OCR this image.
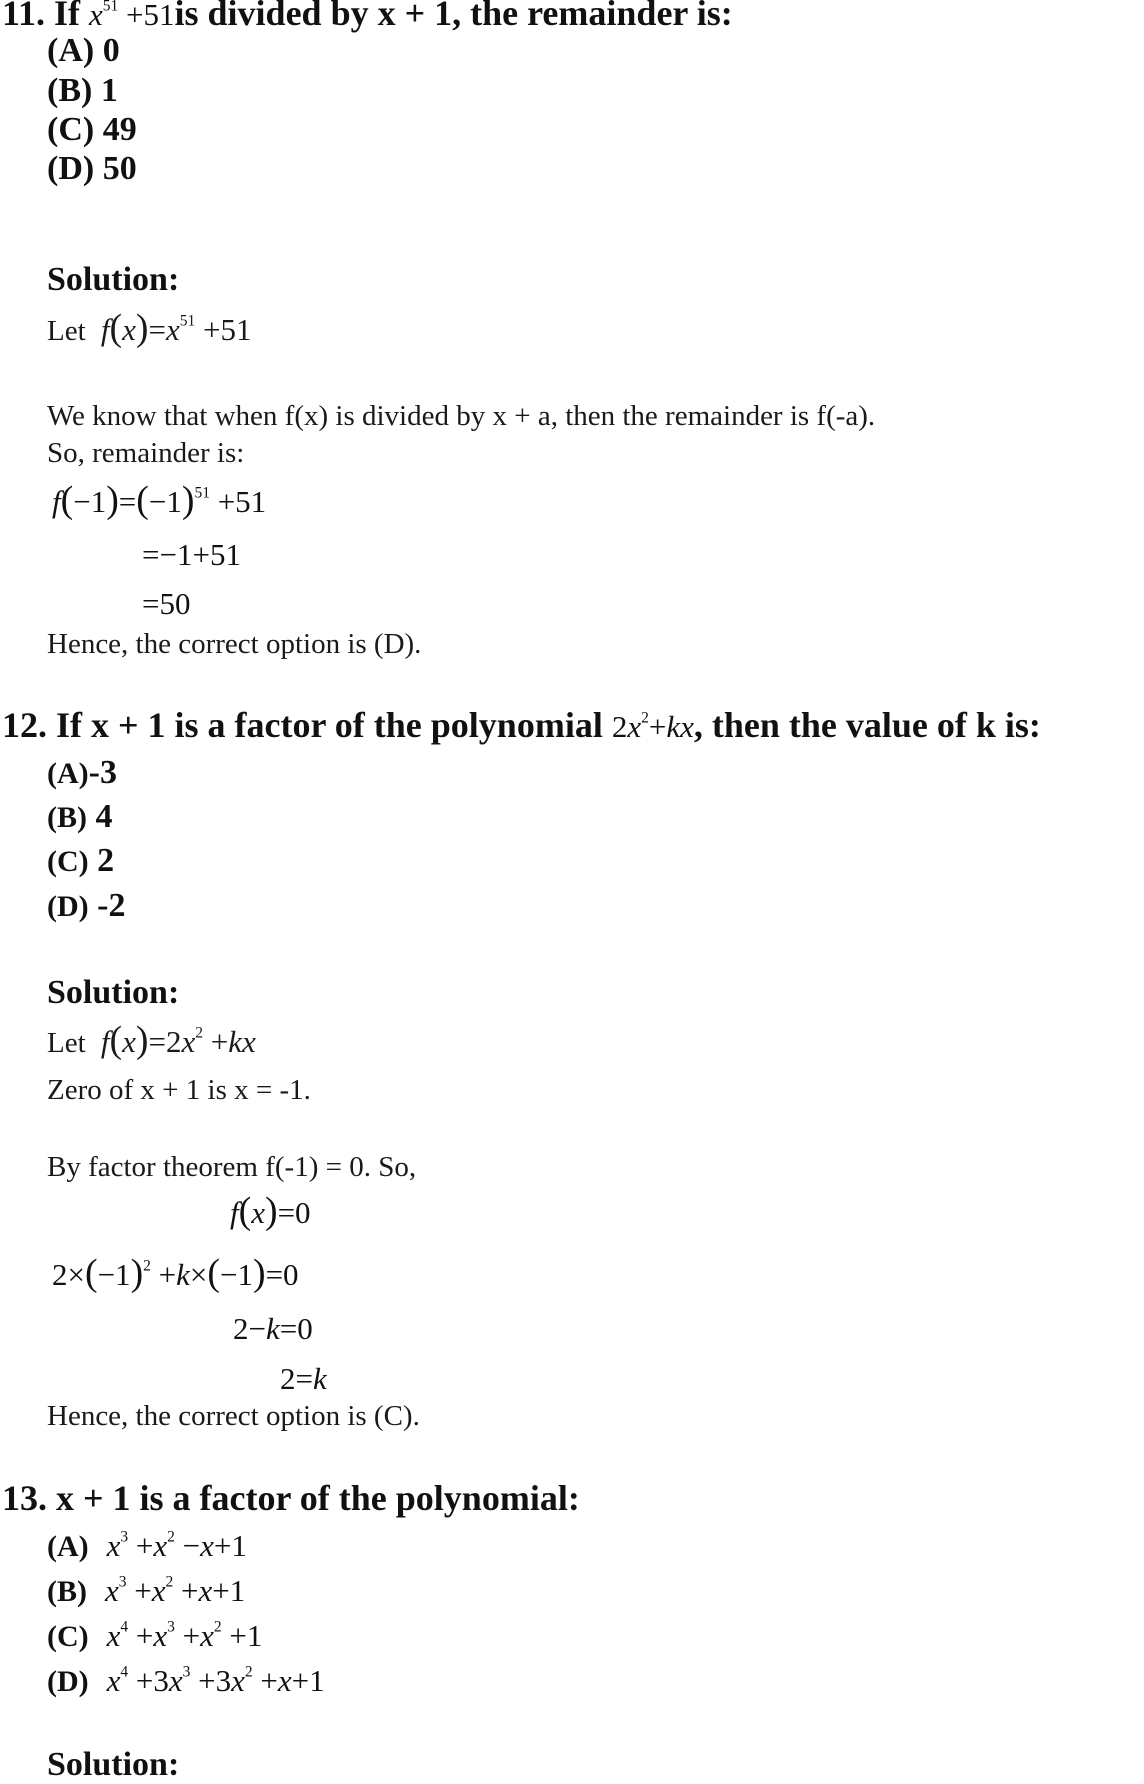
11. If $x^{51} +51is$ divided by x + 1, the remainder is:
(A) 0
(B) 1
(C) 49
(D) 50
Solution:
Let $f(x)=x^{51} +51$
We know that when f(x) is divided by x + a, then the remainder is f(-a).
So, remainder is:
$f(-1)=(-1)^{51} +51$
=−1+51
=50
Hence, the correct option is (D).
12. If x + 1 is a factor of the polynomial $2x^2+kx$, then the value of k is:
(A)-3
(B) 4
(C) 2
(D) -2
Solution:
Let $f(x)=2x^2 +kx$
Zero of x + 1 is x = -1.
By factor theorem f(-1) = 0. So,
f(x)=0
$2\times(-1)^2 +k\times(-1)=0$
2−k=0
2=k
Hence, the correct option is (C).
13. x + 1 is a factor of the polynomial:
(A) $x^3 +x^2 -x+1$
(B) $x^3 +x^2 +x+1$
(C) $x^4 +x^3 +x^2 +1$
(D) $x^4 +3x^3 +3x^2 +x+1$
Solution:
